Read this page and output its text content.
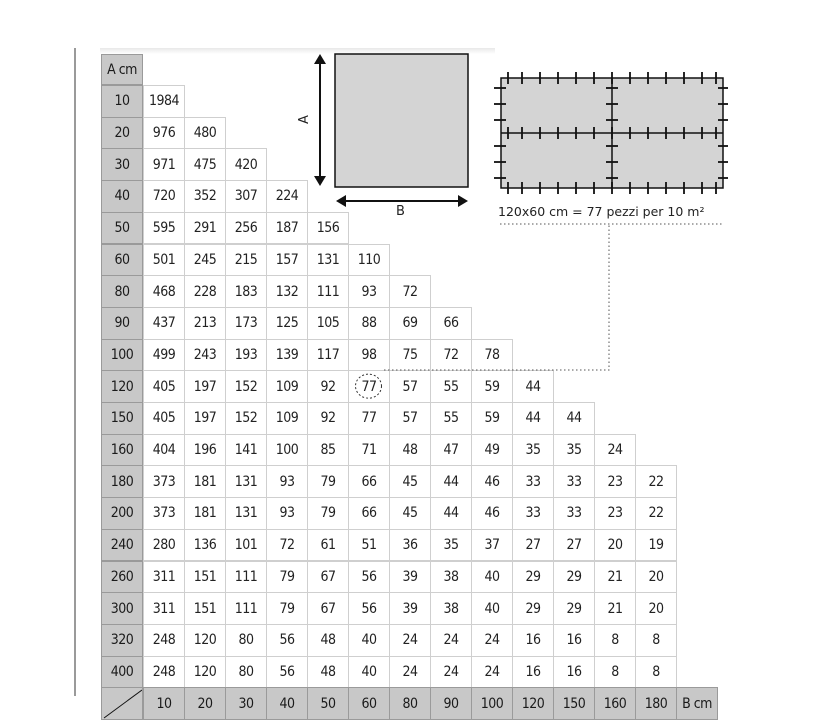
A cm
10	1984
20	976	480
30	971	475	420
40	720	352	307	224
50	595	291	256	187	156
60	501	245	215	157	131	110
80	468	228	183	132	111	93	72
90	437	213	173	125	105	88	69	66
100	499	243	193	139	117	98	75	72	78
120	405	197	152	109	92	77	57	55	59	44
150	405	197	152	109	92	77	57	55	59	44	44
160	404	196	141	100	85	71	48	47	49	35	35	24
180	373	181	131	93	79	66	45	44	46	33	33	23	22
200	373	181	131	93	79	66	45	44	46	33	33	23	22
240	280	136	101	72	61	51	36	35	37	27	27	20	19
260	311	151	111	79	67	56	39	38	40	29	29	21	20
300	311	151	111	79	67	56	39	38	40	29	29	21	20
320	248	120	80	56	48	40	24	24	24	16	16	8	8
400	248	120	80	56	48	40	24	24	24	16	16	8	8
10	20	30	40	50	60	80	90	100	120	150	160	180	B cm
A
B	120x60 cm = 77 pezzi per 10 m²
